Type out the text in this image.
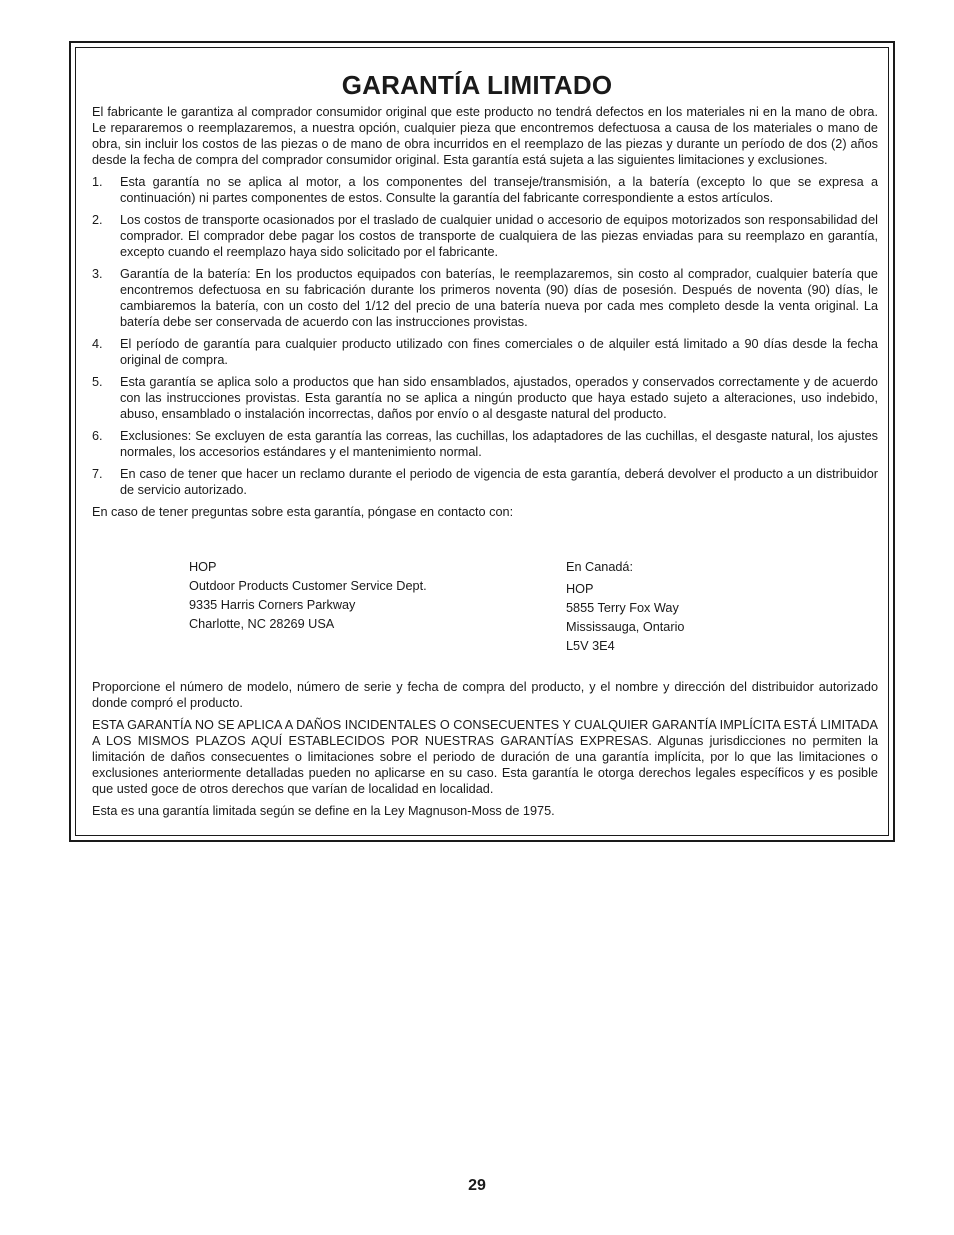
GARANTÍA LIMITADO

El fabricante le garantiza al comprador consumidor original que este producto no tendrá defectos en los materiales ni en la mano de obra. Le repararemos o reemplazaremos, a nuestra opción, cualquier pieza que encontremos defectuosa a causa de los materiales o mano de obra, sin incluir los costos de las piezas o de mano de obra incurridos en el reemplazo de las piezas y durante un período de dos (2) años desde la fecha de compra del comprador consumidor original. Esta garantía está sujeta a las siguientes limitaciones y exclusiones.

1.	Esta garantía no se aplica al motor, a los componentes del transeje/transmisión, a la batería (excepto lo que se expresa a continuación) ni partes componentes de estos. Consulte la garantía del fabricante correspondiente a estos artículos.
2.	Los costos de transporte ocasionados por el traslado de cualquier unidad o accesorio de equipos motorizados son responsabilidad del comprador. El comprador debe pagar los costos de transporte de cualquiera de las piezas enviadas para su reemplazo en garantía, excepto cuando el reemplazo haya sido solicitado por el fabricante.
3.	Garantía de la batería: En los productos equipados con baterías, le reemplazaremos, sin costo al comprador, cualquier batería que encontremos defectuosa en su fabricación durante los primeros noventa (90) días de posesión. Después de noventa (90) días, le cambiaremos la batería, con un costo del 1/12 del precio de una batería nueva por cada mes completo desde la venta original. La batería debe ser conservada de acuerdo con las instrucciones provistas.
4.	El período de garantía para cualquier producto utilizado con fines comerciales o de alquiler está limitado a 90 días desde la fecha original de compra.
5.	Esta garantía se aplica solo a productos que han sido ensamblados, ajustados, operados y conservados correctamente y de acuerdo con las instrucciones provistas. Esta garantía no se aplica a ningún producto que haya estado sujeto a alteraciones, uso indebido, abuso, ensamblado o instalación incorrectas, daños por envío o al desgaste natural del producto.
6.	Exclusiones: Se excluyen de esta garantía las correas, las cuchillas, los adaptadores de las cuchillas, el desgaste natural, los ajustes normales, los accesorios estándares y el mantenimiento normal.
7.	En caso de tener que hacer un reclamo durante el periodo de vigencia de esta garantía, deberá devolver el producto a un distribuidor de servicio autorizado.

En caso de tener preguntas sobre esta garantía, póngase en contacto con:

HOP
Outdoor Products Customer Service Dept.
9335 Harris Corners Parkway
Charlotte, NC 28269 USA
En Canadá:
HOP
5855 Terry Fox Way
Mississauga, Ontario
L5V 3E4

Proporcione el número de modelo, número de serie y fecha de compra del producto, y el nombre y dirección del distribuidor autorizado donde compró el producto.

ESTA GARANTÍA NO SE APLICA A DAÑOS INCIDENTALES O CONSECUENTES Y CUALQUIER GARANTÍA IMPLÍCITA ESTÁ LIMITADA A LOS MISMOS PLAZOS AQUÍ ESTABLECIDOS POR NUESTRAS GARANTÍAS EXPRESAS. Algunas jurisdicciones no permiten la limitación de daños consecuentes o limitaciones sobre el periodo de duración de una garantía implícita, por lo que las limitaciones o exclusiones anteriormente detalladas pueden no aplicarse en su caso. Esta garantía le otorga derechos legales específicos y es posible que usted goce de otros derechos que varían de localidad en localidad.

Esta es una garantía limitada según se define en la Ley Magnuson-Moss de 1975.

29
